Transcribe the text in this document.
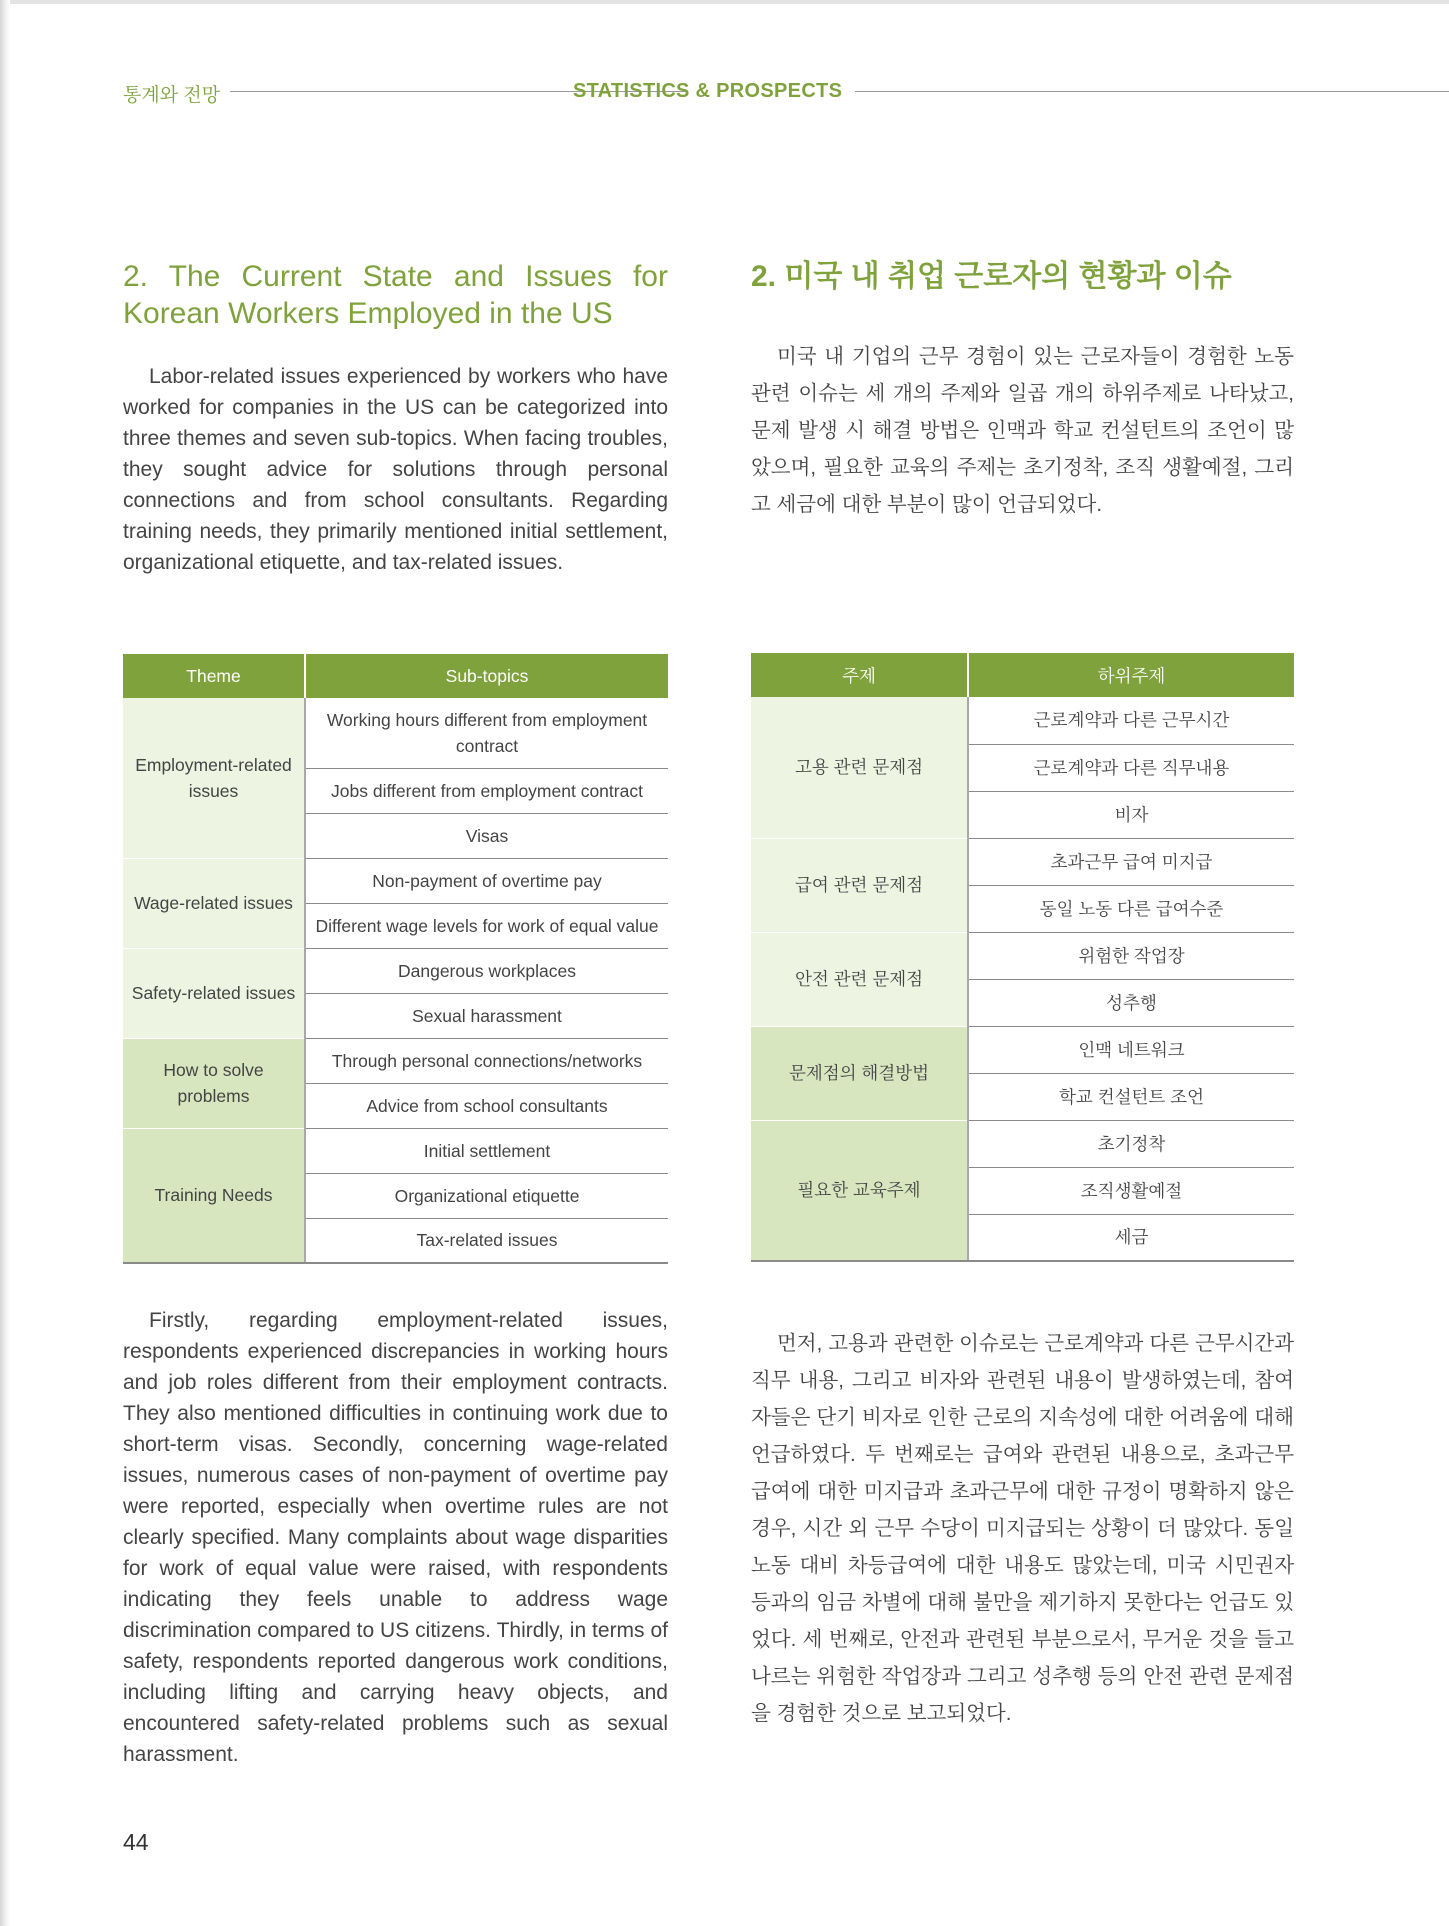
통계와 전망	STATISTICS & PROSPECTS
2. The Current State and Issues for Korean Workers Employed in the US
2. 미국 내 취업 근로자의 현황과 이슈

Labor-related issues experienced by workers who have worked for companies in the US can be categorized into three themes and seven sub-topics. When facing troubles, they sought advice for solutions through personal connections and from school consultants. Regarding training needs, they primarily mentioned initial settlement, organizational etiquette, and tax-related issues.

미국 내 기업의 근무 경험이 있는 근로자들이 경험한 노동 관련 이슈는 세 개의 주제와 일곱 개의 하위주제로 나타났고, 문제 발생 시 해결 방법은 인맥과 학교 컨설턴트의 조언이 많았으며, 필요한 교육의 주제는 초기정착, 조직 생활예절, 그리고 세금에 대한 부분이 많이 언급되었다.

Theme	Sub-topics
Employment-related issues	Working hours different from employment contract
	Jobs different from employment contract
	Visas
Wage-related issues	Non-payment of overtime pay
	Different wage levels for work of equal value
Safety-related issues	Dangerous workplaces
	Sexual harassment
How to solve problems	Through personal connections/networks
	Advice from school consultants
Training Needs	Initial settlement
	Organizational etiquette
	Tax-related issues
주제	하위주제
고용 관련 문제점	근로계약과 다른 근무시간
	근로계약과 다른 직무내용
	비자
급여 관련 문제점	초과근무 급여 미지급
	동일 노동 다른 급여수준
안전 관련 문제점	위험한 작업장
	성추행
문제점의 해결방법	인맥 네트워크
	학교 컨설턴트 조언
필요한 교육주제	초기정착
	조직생활예절
	세금

Firstly, regarding employment-related issues, respondents experienced discrepancies in working hours and job roles different from their employment contracts. They also mentioned difficulties in continuing work due to short-term visas. Secondly, concerning wage-related issues, numerous cases of non-payment of overtime pay were reported, especially when overtime rules are not clearly specified. Many complaints about wage disparities for work of equal value were raised, with respondents indicating they feels unable to address wage discrimination compared to US citizens. Thirdly, in terms of safety, respondents reported dangerous work conditions, including lifting and carrying heavy objects, and encountered safety-related problems such as sexual harassment.

먼저, 고용과 관련한 이슈로는 근로계약과 다른 근무시간과 직무 내용, 그리고 비자와 관련된 내용이 발생하였는데, 참여자들은 단기 비자로 인한 근로의 지속성에 대한 어려움에 대해 언급하였다. 두 번째로는 급여와 관련된 내용으로, 초과근무 급여에 대한 미지급과 초과근무에 대한 규정이 명확하지 않은 경우, 시간 외 근무 수당이 미지급되는 상황이 더 많았다. 동일 노동 대비 차등급여에 대한 내용도 많았는데, 미국 시민권자 등과의 임금 차별에 대해 불만을 제기하지 못한다는 언급도 있었다. 세 번째로, 안전과 관련된 부분으로서, 무거운 것을 들고 나르는 위험한 작업장과 그리고 성추행 등의 안전 관련 문제점을 경험한 것으로 보고되었다.

44
